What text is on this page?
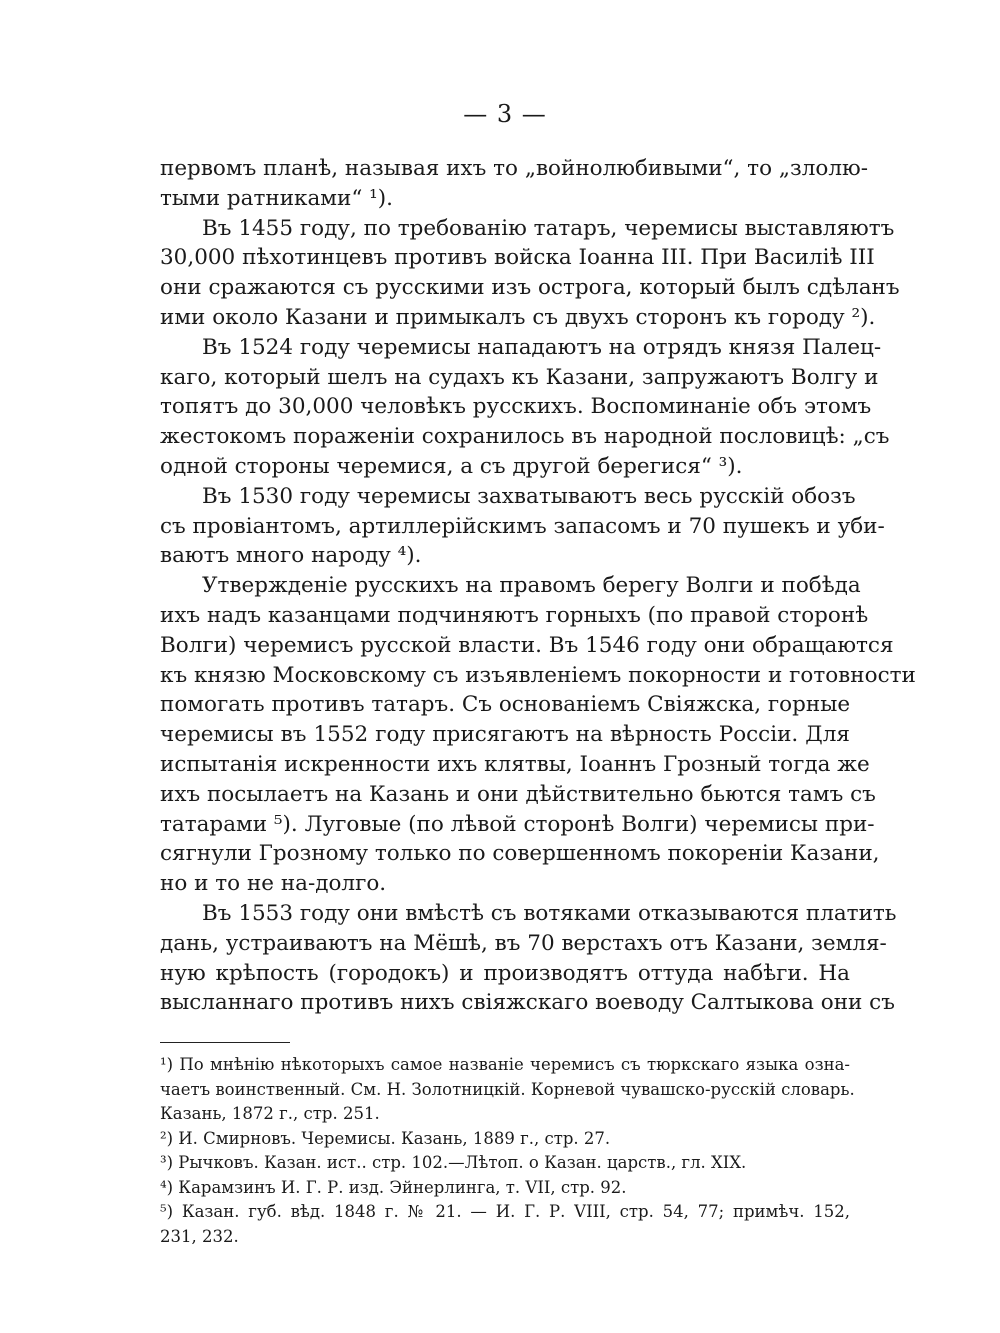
— 3 —
первомъ планѣ, называя ихъ то „войнолюбивыми“, то „злолю-
тыми ратниками“ ¹).
Въ 1455 году, по требованію татаръ, черемисы выставляютъ
30,000 пѣхотинцевъ противъ войска Іоанна III. При Василіѣ III
они сражаются съ русскими изъ острога, который былъ сдѣланъ
ими около Казани и примыкалъ съ двухъ сторонъ къ городу ²).
Въ 1524 году черемисы нападаютъ на отрядъ князя Палец-
каго, который шелъ на судахъ къ Казани, запружаютъ Волгу и
топятъ до 30,000 человѣкъ русскихъ. Воспоминаніе объ этомъ
жестокомъ пораженіи сохранилось въ народной пословицѣ: „съ
одной стороны черемися, а съ другой берегися“ ³).
Въ 1530 году черемисы захватываютъ весь русскій обозъ
съ провіантомъ, артиллерійскимъ запасомъ и 70 пушекъ и уби-
ваютъ много народу ⁴).
Утвержденіе русскихъ на правомъ берегу Волги и побѣда
ихъ надъ казанцами подчиняютъ горныхъ (по правой сторонѣ
Волги) черемисъ русской власти. Въ 1546 году они обращаются
къ князю Московскому съ изъявленіемъ покорности и готовности
помогать противъ татаръ. Съ основаніемъ Свіяжска, горные
черемисы въ 1552 году присягаютъ на вѣрность Россіи. Для
испытанія искренности ихъ клятвы, Іоаннъ Грозный тогда же
ихъ посылаетъ на Казань и они дѣйствительно бьются тамъ съ
татарами ⁵). Луговые (по лѣвой сторонѣ Волги) черемисы при-
сягнули Грозному только по совершенномъ покореніи Казани,
но и то не на-долго.
Въ 1553 году они вмѣстѣ съ вотяками отказываются платить
дань, устраиваютъ на Мёшѣ, въ 70 верстахъ отъ Казани, земля-
ную крѣпость (городокъ) и производятъ оттуда набѣги. На
высланнаго противъ нихъ свіяжскаго воеводу Салтыкова они съ
¹) По мнѣнію нѣкоторыхъ самое названіе черемисъ съ тюркскаго языка озна-
чаетъ воинственный. См. Н. Золотницкій. Корневой чувашско-русскій словарь.
Казань, 1872 г., стр. 251.
²) И. Смирновъ. Черемисы. Казань, 1889 г., стр. 27.
³) Рычковъ. Казан. ист.. стр. 102.—Лѣтоп. о Казан. царств., гл. XIX.
⁴) Карамзинъ И. Г. Р. изд. Эйнерлинга, т. VII, стр. 92.
⁵) Казан. губ. вѣд. 1848 г. № 21. — И. Г. Р. VIII, стр. 54, 77; примѣч. 152,
231, 232.
